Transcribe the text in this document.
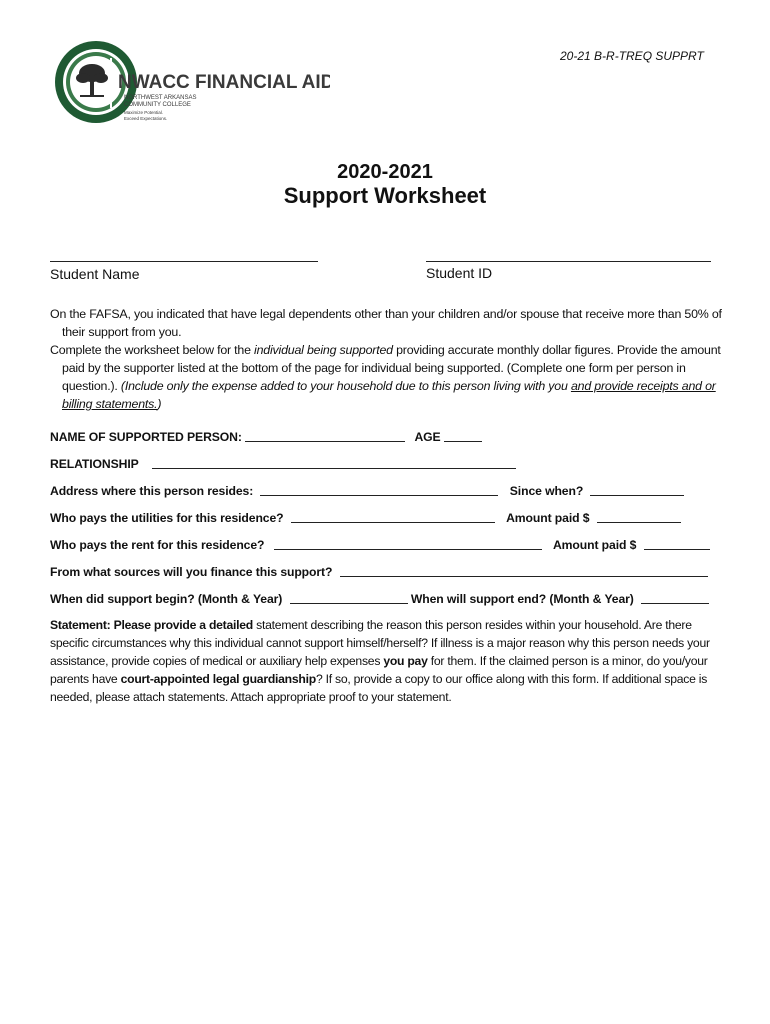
20-21 B-R-TREQ SUPPRT
NWACC FINANCIAL AID
NORTHWEST ARKANSAS
COMMUNITY COLLEGE
Maximize Potential.
Exceed Expectations.
2020-2021
Support Worksheet
Student Name	Student ID

On the FAFSA, you indicated that have legal dependents other than your children and/or spouse that receive more than 50% of their support from you.

Complete the worksheet below for the individual being supported providing accurate monthly dollar figures. Provide the amount paid by the supporter listed at the bottom of the page for individual being supported. (Complete one form per person in question.). (Include only the expense added to your household due to this person living with you and provide receipts and or billing statements.)

NAME OF SUPPORTED PERSON:	AGE
RELATIONSHIP
Address where this person resides:	Since when?
Who pays the utilities for this residence?	Amount paid $
Who pays the rent for this residence?	Amount paid $
From what sources will you finance this support?
When did support begin? (Month & Year)	When will support end? (Month & Year)
Statement: Please provide a detailed statement describing the reason this person resides within your household. Are there specific circumstances why this individual cannot support himself/herself? If illness is a major reason why this person needs your assistance, provide copies of medical or auxiliary help expenses you pay for them. If the claimed person is a minor, do you/your parents have court-appointed legal guardianship? If so, provide a copy to our office along with this form. If additional space is needed, please attach statements. Attach appropriate proof to your statement.
